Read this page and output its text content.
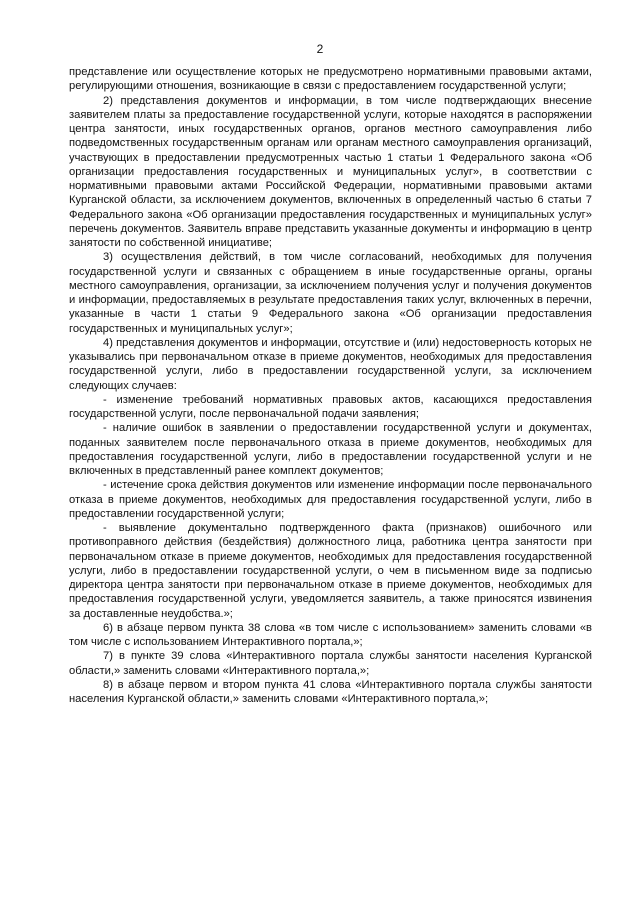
2

представление или осуществление которых не предусмотрено нормативными правовыми актами, регулирующими отношения, возникающие в связи с предоставлением государственной услуги;

2) представления документов и информации, в том числе подтверждающих внесение заявителем платы за предоставление государственной услуги, которые находятся в распоряжении центра занятости, иных государственных органов, органов местного самоуправления либо подведомственных государственным органам или органам местного самоуправления организаций, участвующих в предоставлении предусмотренных частью 1 статьи 1 Федерального закона «Об организации предоставления государственных и муниципальных услуг», в соответствии с нормативными правовыми актами Российской Федерации, нормативными правовыми актами Курганской области, за исключением документов, включенных в определенный частью 6 статьи 7 Федерального закона «Об организации предоставления государственных и муниципальных услуг» перечень документов. Заявитель вправе представить указанные документы и информацию в центр занятости по собственной инициативе;

3) осуществления действий, в том числе согласований, необходимых для получения государственной услуги и связанных с обращением в иные государственные органы, органы местного самоуправления, организации, за исключением получения услуг и получения документов и информации, предоставляемых в результате предоставления таких услуг, включенных в перечни, указанные в части 1 статьи 9 Федерального закона «Об организации предоставления государственных и муниципальных услуг»;

4) представления документов и информации, отсутствие и (или) недостоверность которых не указывались при первоначальном отказе в приеме документов, необходимых для предоставления государственной услуги, либо в предоставлении государственной услуги, за исключением следующих случаев:

- изменение требований нормативных правовых актов, касающихся предоставления государственной услуги, после первоначальной подачи заявления;

- наличие ошибок в заявлении о предоставлении государственной услуги и документах, поданных заявителем после первоначального отказа в приеме документов, необходимых для предоставления государственной услуги, либо в предоставлении государственной услуги и не включенных в представленный ранее комплект документов;

- истечение срока действия документов или изменение информации после первоначального отказа в приеме документов, необходимых для предоставления государственной услуги, либо в предоставлении государственной услуги;

- выявление документально подтвержденного факта (признаков) ошибочного или противоправного действия (бездействия) должностного лица, работника центра занятости при первоначальном отказе в приеме документов, необходимых для предоставления государственной услуги, либо в предоставлении государственной услуги, о чем в письменном виде за подписью директора центра занятости при первоначальном отказе в приеме документов, необходимых для предоставления государственной услуги, уведомляется заявитель, а также приносятся извинения за доставленные неудобства.»;

6) в абзаце первом пункта 38 слова «в том числе с использованием» заменить словами «в том числе с использованием Интерактивного портала,»;

7) в пункте 39 слова «Интерактивного портала службы занятости населения Курганской области,» заменить словами «Интерактивного портала,»;

8) в абзаце первом и втором пункта 41 слова «Интерактивного портала службы занятости населения Курганской области,» заменить словами «Интерактивного портала,»;
